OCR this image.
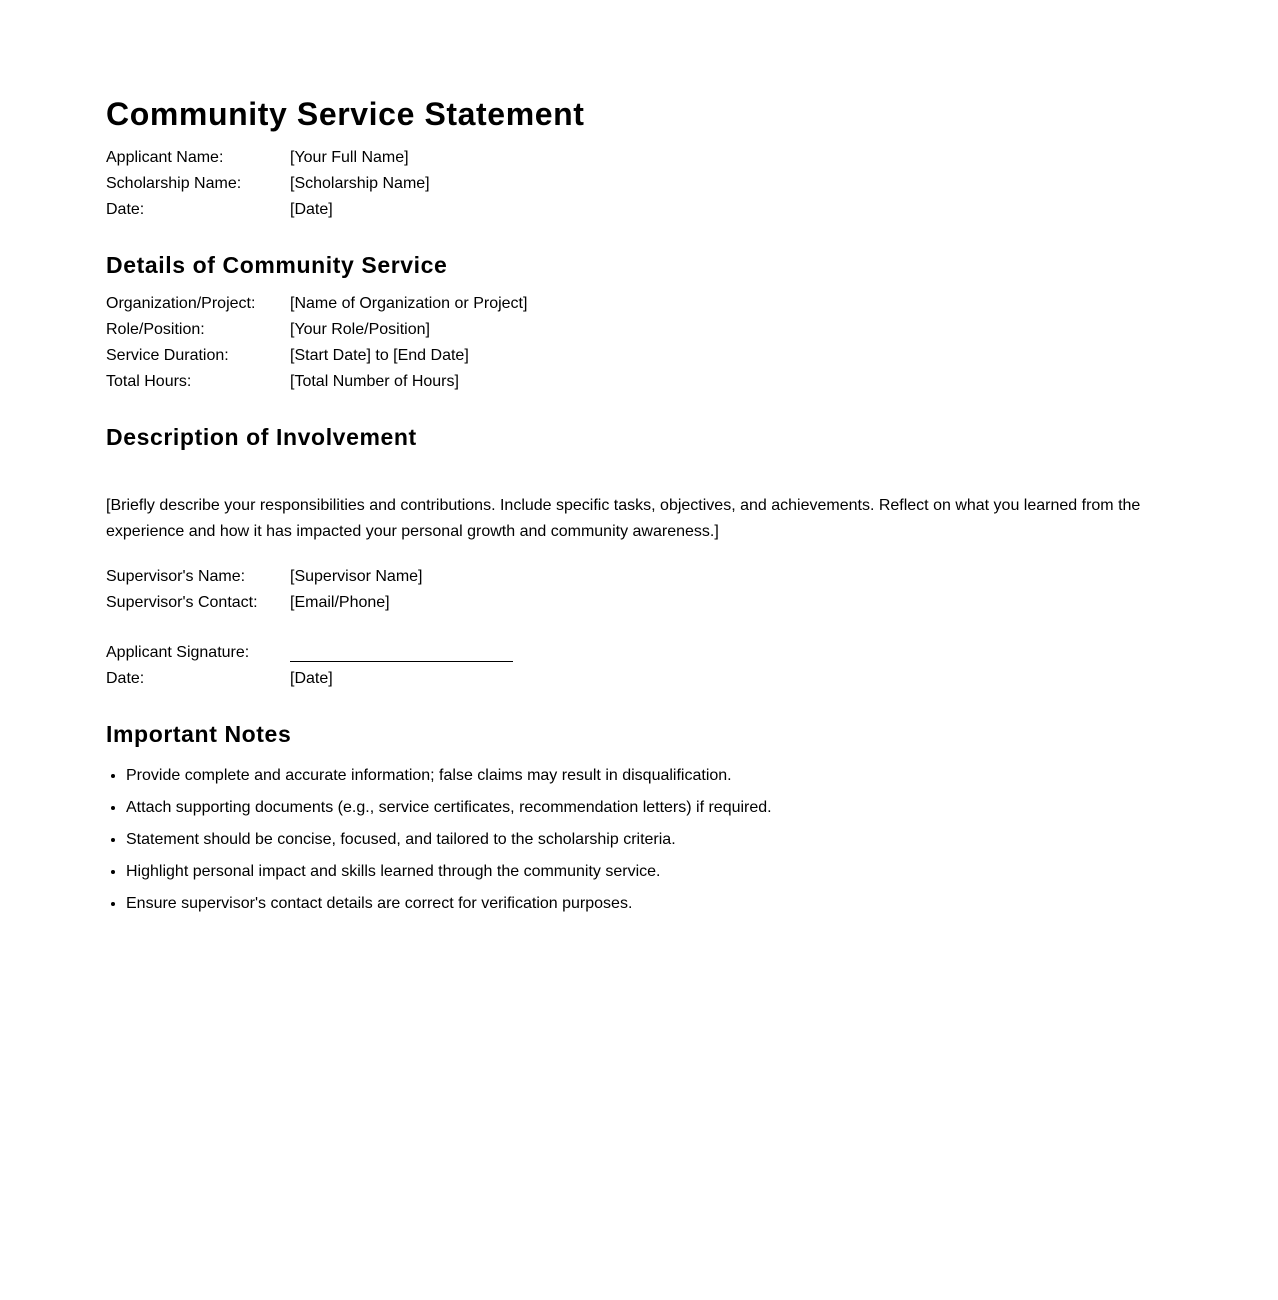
Community Service Statement
Applicant Name:	[Your Full Name]
Scholarship Name:	[Scholarship Name]
Date:	[Date]
Details of Community Service
Organization/Project: [Name of Organization or Project]
Role/Position:	[Your Role/Position]
Service Duration:	[Start Date] to [End Date]
Total Hours:	[Total Number of Hours]
Description of Involvement

[Briefly describe your responsibilities and contributions. Include specific tasks, objectives, and achievements. Reflect on what you learned from the experience and how it has impacted your personal growth and community awareness.]

Supervisor's Name:	[Supervisor Name]
Supervisor's Contact: [Email/Phone]
Applicant Signature:
Date:	[Date]
Important Notes
• Provide complete and accurate information; false claims may result in disqualification.
• Attach supporting documents (e.g., service certificates, recommendation letters) if required.
• Statement should be concise, focused, and tailored to the scholarship criteria.
• Highlight personal impact and skills learned through the community service.
• Ensure supervisor's contact details are correct for verification purposes.
